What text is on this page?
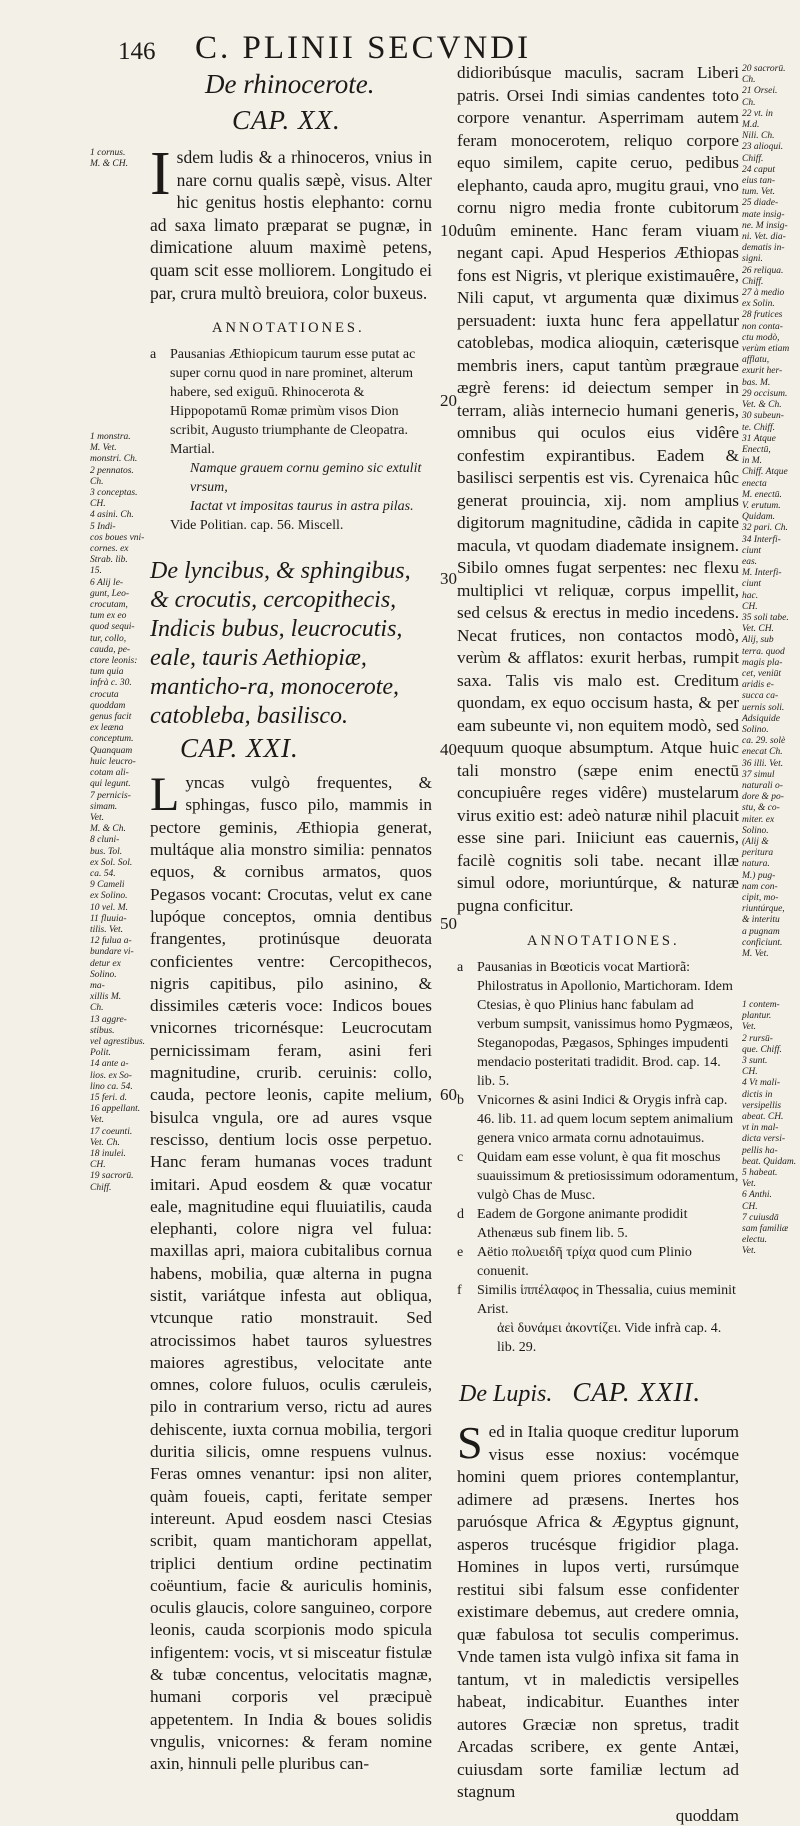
146 C. PLINII SECVNDI
10
20
30
40
50
60
1 cornus.
M. & CH.
1 monstra.
M. Vet.
monstri. Ch.
2 pennatos.
Ch.
3 conceptas.
CH.
4 asini. Ch.
5 Indi-
cos boues vni-
cornes. ex
Strab. lib.
15.
6 Alij le-
gunt, Leo-
crocutam,
tum ex eo
quod sequi-
tur, collo,
cauda, pe-
ctore leonis:
tum quia
infrà c. 30.
crocuta
quoddam
genus facit
ex leæna
conceptum.
Quanquam
huic leucro-
cotam ali-
qui legunt.
7 pernicis-
simam.
Vet.
M. & Ch.
8 cluni-
bus. Tol.
ex Sol. Sol.
ca. 54.
9 Cameli
ex Solino.
10 vel. M.
11 fluuia-
tilis. Vet.
12 fulua a-
bundare vi-
detur ex
Solino.
ma-
xillis M.
Ch.
13 aggre-
stibus.
vel agrestibus.
Polit.
14 ante a-
lios. ex So-
lino ca. 54.
15 feri. d.
16 appellant.
Vet.
17 coeunti.
Vet. Ch.
18 inulei.
CH.
19 sacrorū.
Chiff.
De rhinocerote.
CAP. XX.
Isdem ludis & a rhinoceros, vnius in nare cornu qualis sæpè, visus. Alter hic genitus hostis elephanto: cornu ad saxa limato præparat se pugnæ, in dimicatione aluum maximè petens, quam scit esse molliorem. Longitudo ei par, crura multò breuiora, color buxeus.
ANNOTATIONES.
a Pausanias Æthiopicum taurum esse putat ac super cornu quod in nare prominet, alterum habere, sed exiguū. Rhinocerota & Hippopotamū Romæ primùm visos Dion scribit, Augusto triumphante de Cleopatra. Martial.
Namque grauem cornu gemino sic extulit vrsum,
Iactat vt impositas taurus in astra pilas.
Vide Politian. cap. 56. Miscell.
De lyncibus, & sphingibus, & crocutis, cercopithecis, Indicis bubus, leucrocutis, eale, tauris Aethiopiæ, manticho-ra, monocerote, catobleba, basilisco.
CAP. XXI.
Lyncas vulgò frequentes, & sphingas, fusco pilo, mammis in pectore geminis, Æthiopia generat, multáque alia monstro similia: pennatos equos, & cornibus armatos, quos Pegasos vocant: Crocutas, velut ex cane lupóque conceptos, omnia dentibus frangentes, protinúsque deuorata conficientes ventre: Cercopithecos, nigris capitibus, pilo asinino, & dissimiles cæteris voce: Indicos boues vnicornes tricornésque: Leucrocutam pernicissimam feram, asini feri magnitudine, crurib. ceruinis: collo, cauda, pectore leonis, capite melium, bisulca vngula, ore ad aures vsque rescisso, dentium locis osse perpetuo. Hanc feram humanas voces tradunt imitari. Apud eosdem & quæ vocatur eale, magnitudine equi fluuiatilis, cauda elephanti, colore nigra vel fulua: maxillas apri, maiora cubitalibus cornua habens, mobilia, quæ alterna in pugna sistit, variátque infesta aut obliqua, vtcunque ratio monstrauit. Sed atrocissimos habet tauros syluestres maiores agrestibus, velocitate ante omnes, colore fuluos, oculis cæruleis, pilo in contrarium verso, rictu ad aures dehiscente, iuxta cornua mobilia, tergori duritia silicis, omne respuens vulnus. Feras omnes venantur: ipsi non aliter, quàm foueis, capti, feritate semper intereunt. Apud eosdem nasci Ctesias scribit, quam mantichoram appellat, triplici dentium ordine pectinatim coëuntium, facie & auriculis hominis, oculis glaucis, colore sanguineo, corpore leonis, cauda scorpionis modo spicula infigentem: vocis, vt si misceatur fistulæ & tubæ concentus, velocitatis magnæ, humani corporis vel præcipuè appetentem. In India & boues solidis vngulis, vnicornes: & feram nomine axin, hinnuli pelle pluribus can-
didioribúsque maculis, sacram Liberi patris. Orsei Indi simias candentes toto corpore venantur. Asperrimam autem feram monocerotem, reliquo corpore equo similem, capite ceruo, pedibus elephanto, cauda apro, mugitu graui, vno cornu nigro media fronte cubitorum duûm eminente. Hanc feram viuam negant capi. Apud Hesperios Æthiopas fons est Nigris, vt plerique existimauêre, Nili caput, vt argumenta quæ diximus persuadent: iuxta hunc fera appellatur catoblebas, modica alioquin, cæterisque membris iners, caput tantùm prægraue ægrè ferens: id deiectum semper in terram, aliàs internecio humani generis, omnibus qui oculos eius vidêre confestim expirantibus. Eadem & basilisci serpentis est vis. Cyrenaica hûc generat prouincia, xij. nom amplius digitorum magnitudine, cãdida in capite macula, vt quodam diademate insignem. Sibilo omnes fugat serpentes: nec flexu multiplici vt reliquæ, corpus impellit, sed celsus & erectus in medio incedens. Necat frutices, non contactos modò, verùm & afflatos: exurit herbas, rumpit saxa. Talis vis malo est. Creditum quondam, ex equo occisum hasta, & per eam subeunte vi, non equitem modò, sed equum quoque absumptum. Atque huic tali monstro (sæpe enim enectū concupiuêre reges vidêre) mustelarum virus exitio est: adeò naturæ nihil placuit esse sine pari. Iniiciunt eas cauernis, facilè cognitis soli tabe. necant illæ simul odore, moriuntúrque, & naturæ pugna conficitur.
ANNOTATIONES.
a Pausanias in Bœoticis vocat Martiorã: Philostratus in Apollonio, Martichoram. Idem Ctesias, è quo Plinius hanc fabulam ad verbum sumpsit, vanissimus homo Pygmæos, Steganopodas, Pægasos, Sphinges impudenti mendacio posteritati tradidit. Brod. cap. 14. lib. 5.
b Vnicornes & asini Indici & Orygis infrà cap. 46. lib. 11. ad quem locum septem animalium genera vnico armata cornu adnotauimus.
c Quidam eam esse volunt, è qua fit moschus suauissimum & pretiosissimum odoramentum, vulgò Chas de Musc.
d Eadem de Gorgone animante prodidit Athenæus sub finem lib. 5.
e Aëtio πολυειδῆ τρίχα quod cum Plinio conuenit.
f	Similis ἱππέλαφος in Thessalia, cuius meminit Arist.
ἀεὶ δυνάμει ἀκοντίζει. Vide infrà cap. 4. lib. 29.
De Lupis. CAP. XXII.
Sed in Italia quoque creditur luporum visus esse noxius: vocémque homini quem priores contemplantur, adimere ad præsens. Inertes hos paruósque Africa & Ægyptus gignunt, asperos trucésque frigidior plaga. Homines in lupos verti, rursúmque restitui sibi falsum esse confidenter existimare debemus, aut credere omnia, quæ fabulosa tot seculis comperimus. Vnde tamen ista vulgò infixa sit fama in tantum, vt in maledictis versipelles habeat, indicabitur. Euanthes inter autores Græciæ non spretus, tradit Arcadas scribere, ex gente Antæi, cuiusdam sorte familiæ lectum ad stagnum
quoddam
20 sacrorū.
Ch.
21 Orsei.
Ch.
22 vt. in
M.d.
Nili. Ch.
23 alioqui.
Chiff.
24 caput
eius tan-
tum. Vet.
25 diade-
mate insig-
ne. M insig-
ni. Vet. dia-
dematis in-
signi.
26 reliqua.
Chiff.
27 à medio
ex Solin.
28 frutices
non conta-
ctu modò,
verùm etiam
afflatu,
exurit her-
bas. M.
29 occisum.
Vet. & Ch.
30 subeun-
te. Chiff.
31 Atque
Enectū,
in M.
Chiff. Atque
enecta
M. enectū.
V. erutum.
Quidam.
32 pari. Ch.
34 Interfi-
ciunt
eas.
M. Interfi-
ciunt
hac.
CH.
35 soli tabe.
Vet. CH.
Alij, sub
terra. quod
magis pla-
cet, veniūt
aridis e-
succa ca-
uernis soli.
Adsiquide
Solino.
ca. 29. solè
enecat Ch.
36 illi. Vet.
37 simul
naturali o-
dore & po-
stu, & co-
miter. ex
Solino.
(Alij &
peritura
natura.
M.) pug-
nam con-
cipit, mo-
riuntúrque,
& interitu
a pugnam
conficiunt.
M. Vet.
1 contem-
plantur.
Vet.
2 rursū-
que. Chiff.
3 sunt.
CH.
4 Vt mali-
dictis in
versipellis
abeat. CH.
vt in mal-
dicta versi-
pellis ha-
beat. Quidam.
5 habeat.
Vet.
6 Anthi.
CH.
7 cuiusdā
sam familiæ
electu.
Vet.
